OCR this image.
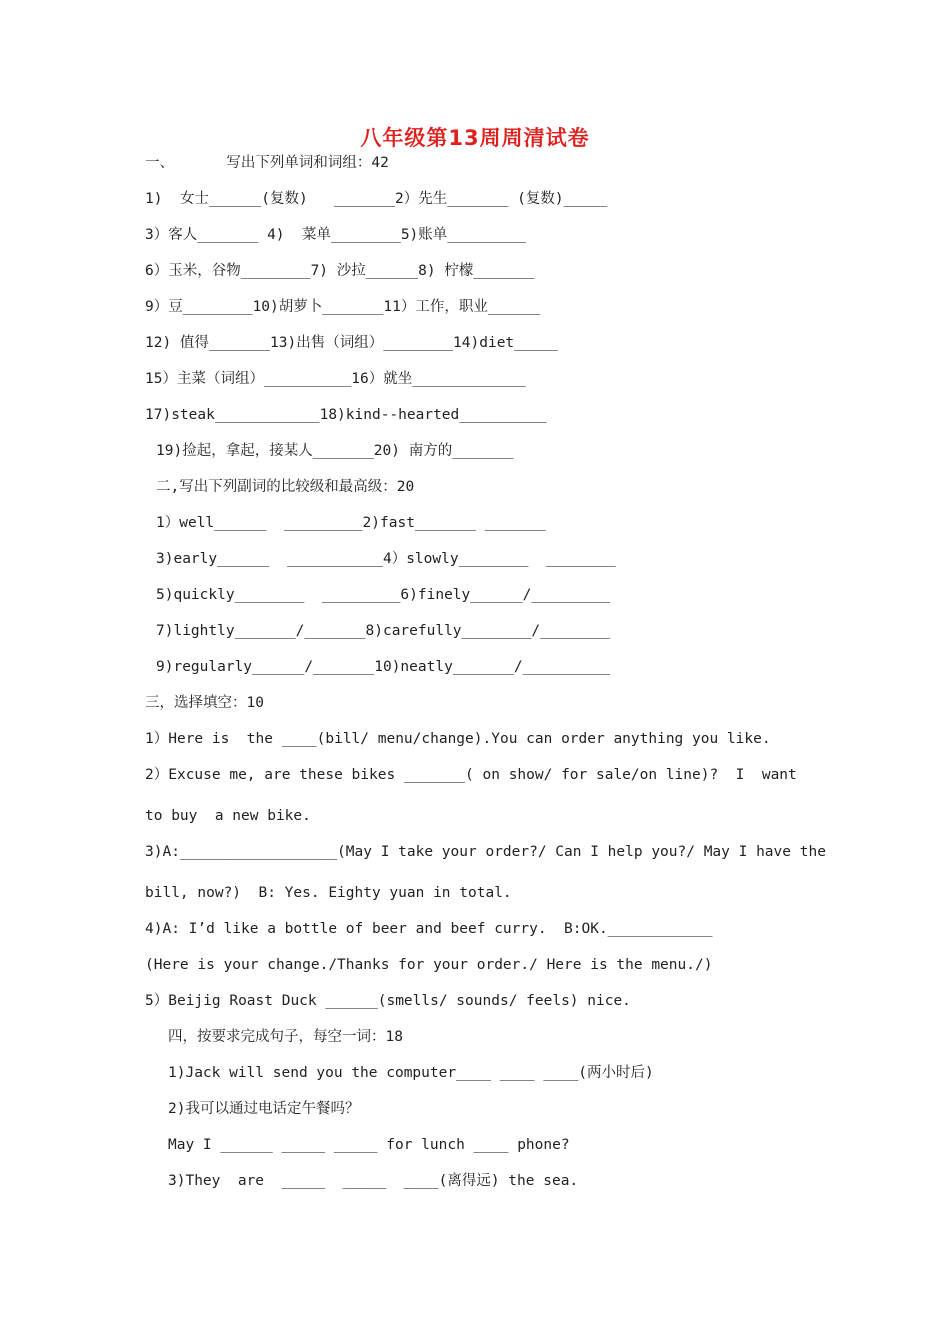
八年级第13周周清试卷
一、      写出下列单词和词组：42
1)  女士______(复数)   _______2）先生_______ (复数)_____
3）客人_______ 4)  菜单________5)账单_________
6）玉米，谷物________7) 沙拉______8) 柠檬_______
9）豆________10)胡萝卜_______11）工作，职业______
12) 值得_______13)出售（词组）________14)diet_____
15）主菜（词组）__________16）就坐_____________
17)steak____________18)kind--hearted__________
19)捡起，拿起，接某人_______20) 南方的_______
二,写出下列副词的比较级和最高级：20
1）well______  _________2)fast_______ _______
3)early______  ___________4）slowly________  ________
5)quickly________  _________6)finely______/_________
7)lightly_______/_______8)carefully________/________
9)regularly______/_______10)neatly_______/__________
三，选择填空：10
1）Here is  the ____(bill/ menu/change).You can order anything you like.
2）Excuse me, are these bikes _______( on show/ for sale/on line)?  I  want
to buy  a new bike.
3)A:__________________(May I take your order?/ Can I help you?/ May I have the
bill, now?)  B: Yes. Eighty yuan in total.
4)A: I’d like a bottle of beer and beef curry.  B:OK.____________
(Here is your change./Thanks for your order./ Here is the menu./)
5）Beijig Roast Duck ______(smells/ sounds/ feels) nice.
四，按要求完成句子，每空一词：18
1)Jack will send you the computer____ ____ ____(两小时后)
2)我可以通过电话定午餐吗？
May I ______ _____ _____ for lunch ____ phone?
3)They  are  _____  _____  ____(离得远) the sea.
